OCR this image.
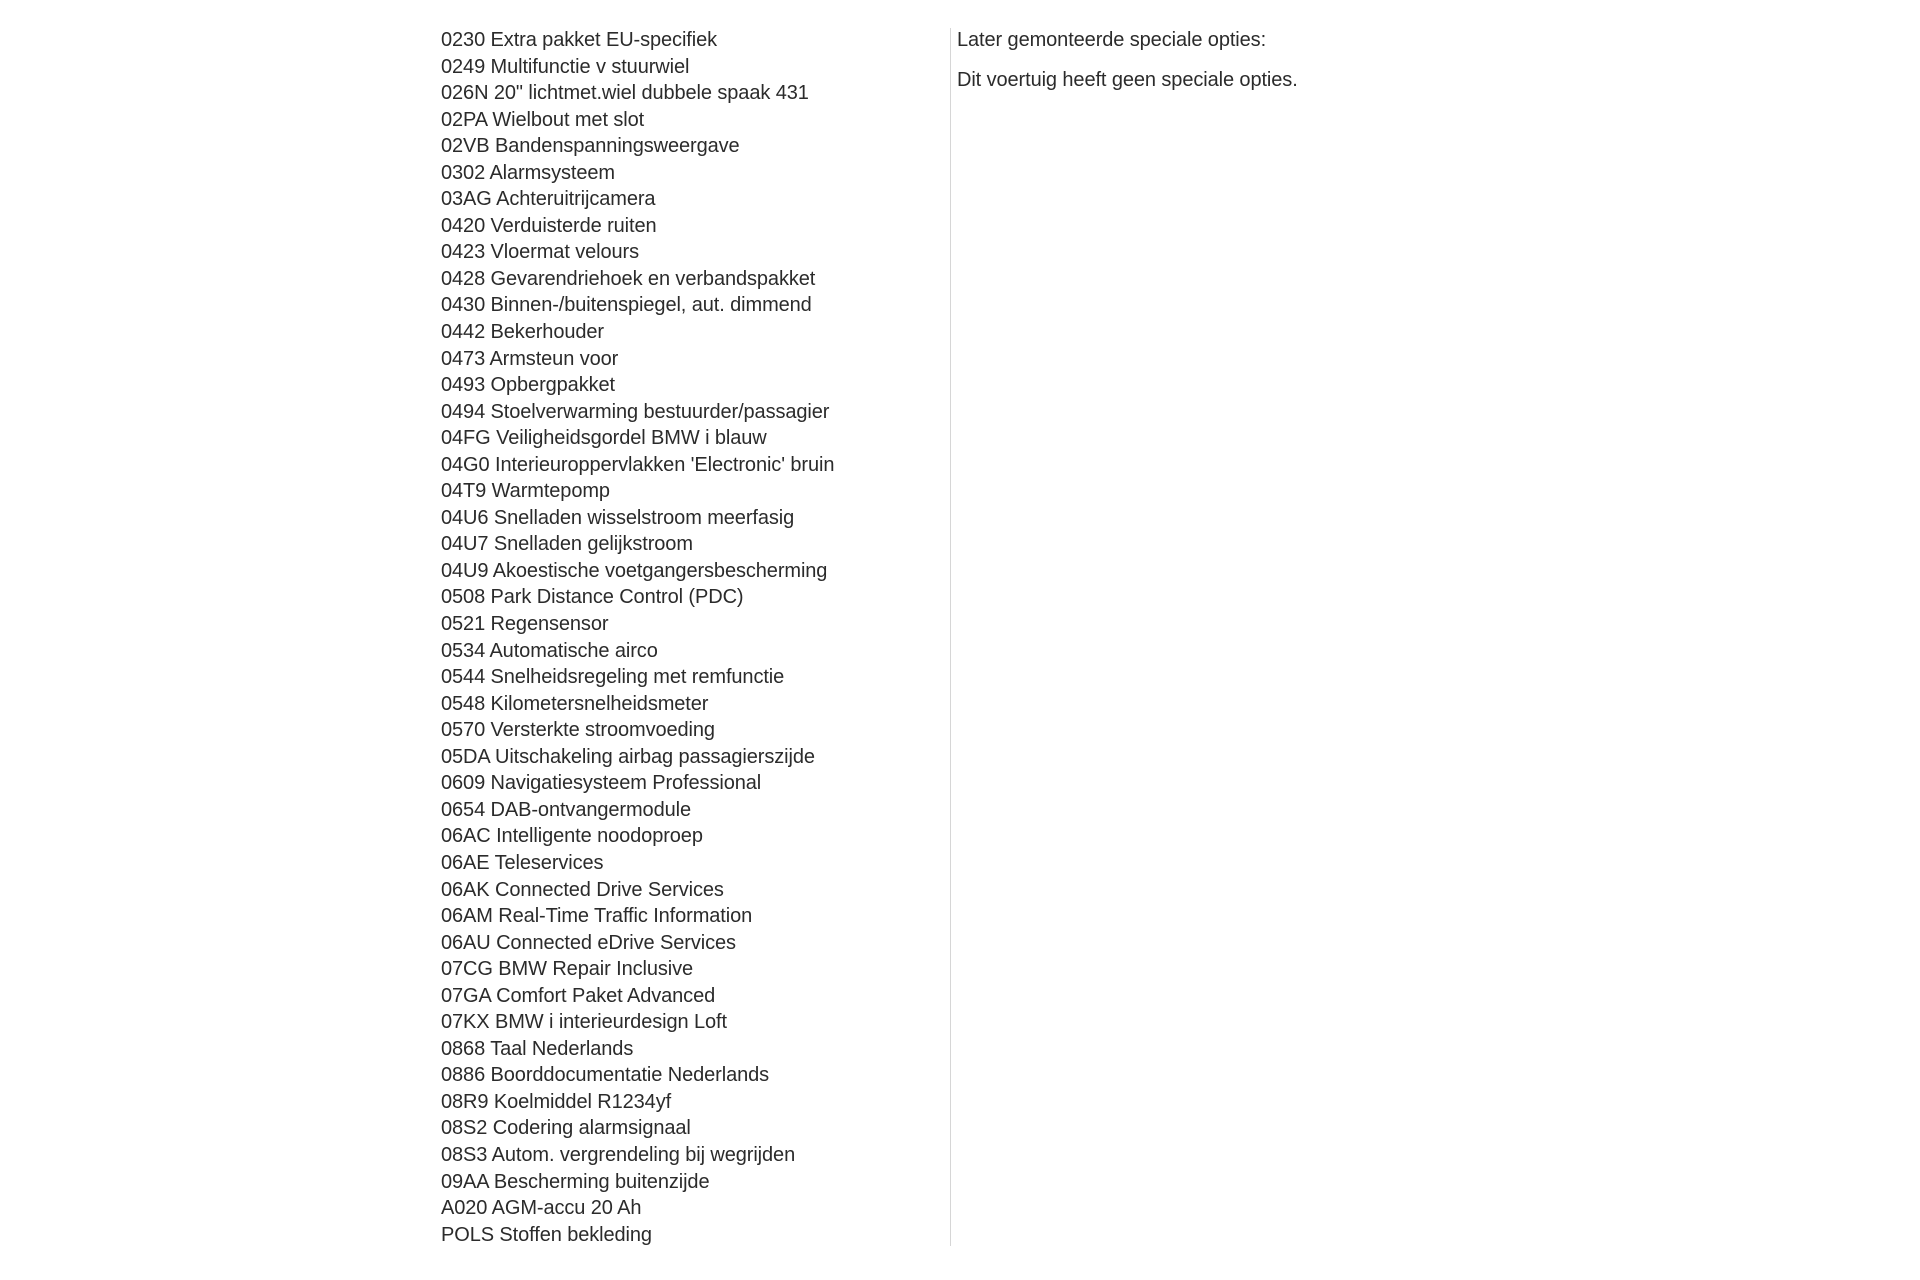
0230 Extra pakket EU-specifiek
0249 Multifunctie v stuurwiel
026N 20" lichtmet.wiel dubbele spaak 431
02PA Wielbout met slot
02VB Bandenspanningsweergave
0302 Alarmsysteem
03AG Achteruitrijcamera
0420 Verduisterde ruiten
0423 Vloermat velours
0428 Gevarendriehoek en verbandspakket
0430 Binnen-/buitenspiegel, aut. dimmend
0442 Bekerhouder
0473 Armsteun voor
0493 Opbergpakket
0494 Stoelverwarming bestuurder/passagier
04FG Veiligheidsgordel BMW i blauw
04G0 Interieuroppervlakken 'Electronic' bruin
04T9 Warmtepomp
04U6 Snelladen wisselstroom meerfasig
04U7 Snelladen gelijkstroom
04U9 Akoestische voetgangersbescherming
0508 Park Distance Control (PDC)
0521 Regensensor
0534 Automatische airco
0544 Snelheidsregeling met remfunctie
0548 Kilometersnelheidsmeter
0570 Versterkte stroomvoeding
05DA Uitschakeling airbag passagierszijde
0609 Navigatiesysteem Professional
0654 DAB-ontvangermodule
06AC Intelligente noodoproep
06AE Teleservices
06AK Connected Drive Services
06AM Real-Time Traffic Information
06AU Connected eDrive Services
07CG BMW Repair Inclusive
07GA Comfort Paket Advanced
07KX BMW i interieurdesign Loft
0868 Taal Nederlands
0886 Boorddocumentatie Nederlands
08R9 Koelmiddel R1234yf
08S2 Codering alarmsignaal
08S3 Autom. vergrendeling bij wegrijden
09AA Bescherming buitenzijde
A020 AGM-accu 20 Ah
POLS Stoffen bekleding
Later gemonteerde speciale opties:

Dit voertuig heeft geen speciale opties.
